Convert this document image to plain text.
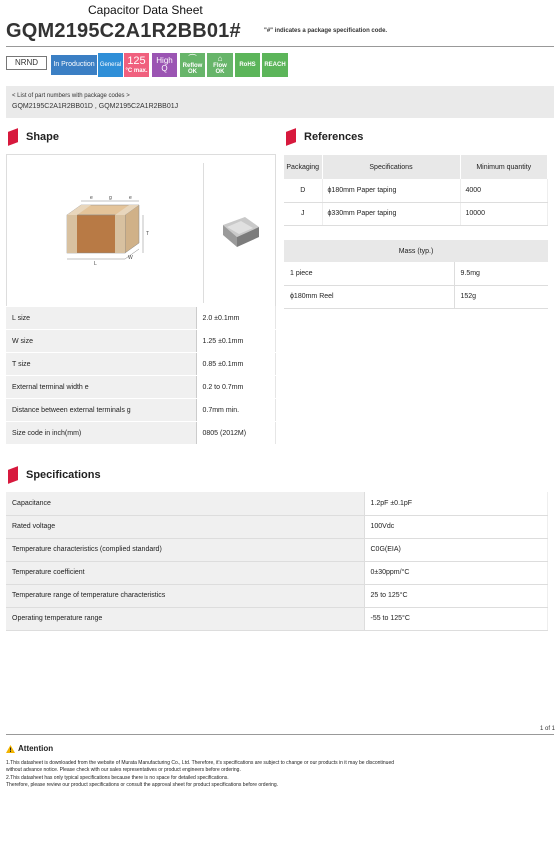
Capacitor Data Sheet
GQM2195C2A1R2BB01#	"#" indicates a package specification code.
NRND	In Production General 125
°C max.
High
Q
⌒
Reflow
OK
⌂
Flow
OK
RoHS	REACH
< List of part numbers with package codes >
GQM2195C2A1R2BB01D , GQM2195C2A1R2BB01J
Shape
e	g	e
T
L
W
L size	2.0 ±0.1mm
W size	1.25 ±0.1mm
T size	0.85 ±0.1mm
External terminal width e	0.2 to 0.7mm
Distance between external terminals g	0.7mm min.
Size code in inch(mm)	0805 (2012M)
References
Packaging	Specifications	Minimum quantity
D	ϕ180mm Paper taping	4000
J	ϕ330mm Paper taping	10000
Mass (typ.)	
1 piece	9.5mg
ϕ180mm Reel	152g
Specifications
Capacitance	1.2pF ±0.1pF
Rated voltage	100Vdc
Temperature characteristics (complied standard)	C0G(EIA)
Temperature coefficient	0±30ppm/°C
Temperature range of temperature characteristics	25 to 125°C
Operating temperature range	-55 to 125°C
1 of 1
Attention
1.This datasheet is downloaded from the website of Murata Manufacturing Co., Ltd. Therefore, it's specifications are subject to change or our products in it may be discontinued
without advance notice. Please check with our sales representatives or product engineers before ordering.
2.This datasheet has only typical specifications because there is no space for detailed specifications.
Therefore, please review our product specifications or consult the approval sheet for product specifications before ordering.
